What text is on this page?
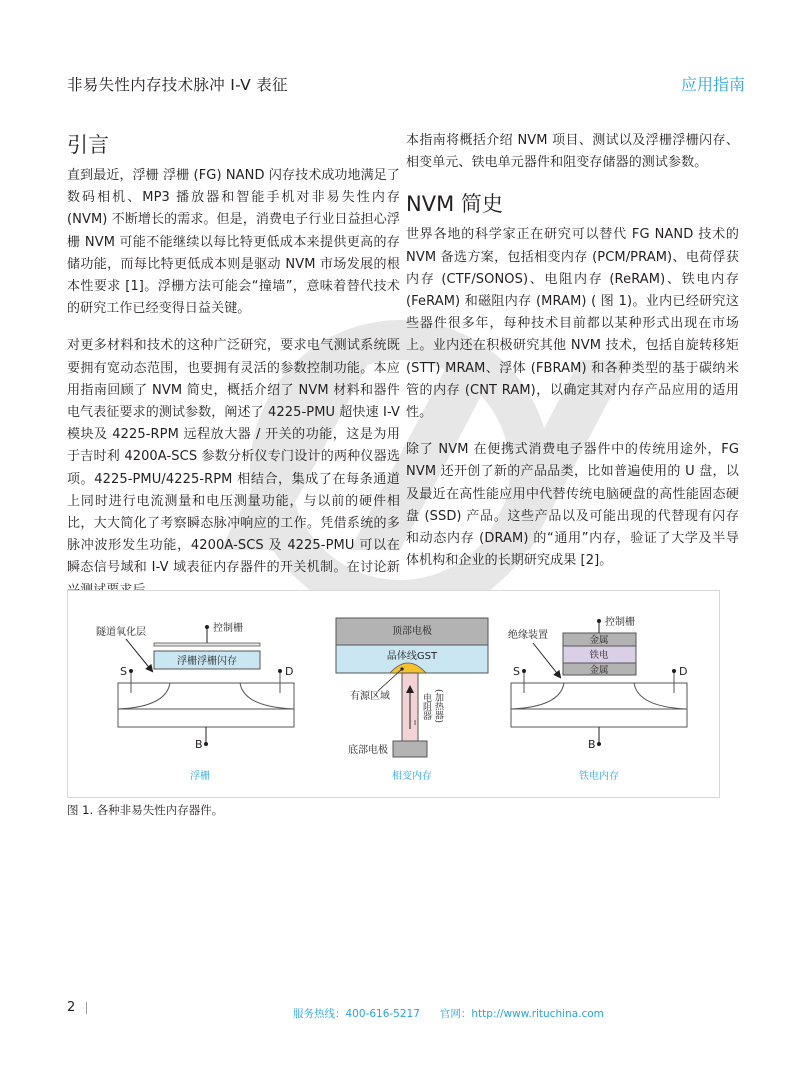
非易失性内存技术脉冲 I-V 表征	应用指南
引言

直到最近，浮栅 浮栅 (FG) NAND 闪存技术成功地满足了数码相机、MP3 播放器和智能手机对非易失性内存 (NVM) 不断增长的需求。但是，消费电子行业日益担心浮栅 NVM 可能不能继续以每比特更低成本来提供更高的存储功能，而每比特更低成本则是驱动 NVM 市场发展的根本性要求 [1]。浮栅方法可能会“撞墙”，意味着替代技术的研究工作已经变得日益关键。

对更多材料和技术的这种广泛研究，要求电气测试系统既要拥有宽动态范围，也要拥有灵活的参数控制功能。本应用指南回顾了 NVM 简史，概括介绍了 NVM 材料和器件电气表征要求的测试参数，阐述了 4225-PMU 超快速 I-V 模块及 4225-RPM 远程放大器 / 开关的功能，这是为用于吉时利 4200A-SCS 参数分析仪专门设计的两种仪器选项。4225-PMU/4225-RPM 相结合，集成了在每条通道上同时进行电流测量和电压测量功能，与以前的硬件相比，大大简化了考察瞬态脉冲响应的工作。凭借系统的多脉冲波形发生功能，4200A-SCS 及 4225-PMU 可以在瞬态信号域和 I-V 域表征内存器件的开关机制。在讨论新

本指南将概括介绍 NVM 项目、测试以及浮栅浮栅闪存、相变单元、铁电单元器件和阻变存储器的测试参数。

NVM 简史

世界各地的科学家正在研究可以替代 FG NAND 技术的 NVM 备选方案，包括相变内存 (PCM/PRAM)、电荷俘获内存 (CTF/SONOS)、电阻内存 (ReRAM)、铁电内存 (FeRAM) 和磁阻内存 (MRAM) ( 图 1)。业内已经研究这些器件很多年，每种技术目前都以某种形式出现在市场上。业内还在积极研究其他 NVM 技术，包括自旋转移矩 (STT) MRAM、浮体 (FBRAM) 和各种类型的基于碳纳米管的内存 (CNT RAM)，以确定其对内存产品应用的适用性。

除了 NVM 在便携式消费电子器件中的传统用途外，FG NVM 还开创了新的产品品类，比如普遍使用的 U 盘，以及最近在高性能应用中代替传统电脑硬盘的高性能固态硬盘 (SSD) 产品。这些产品以及可能出现的代替现有闪存和动态内存 (DRAM) 的“通用”内存，验证了大学及半导体机构和企业的长期研究成果 [2]。

浮栅浮栅闪存
控制栅
隧道氧化层
S	D
B
浮栅
顶部电极
晶体线GST
I
底部电极
有源区域	电阻器 (加热器)
相变内存
金属
铁电
金属
控制栅
绝缘装置
S	D
B
铁电内存
图 1. 各种非易失性内存器件。
2	服务热线：400-616-5217 官网：http://www.rituchina.com
